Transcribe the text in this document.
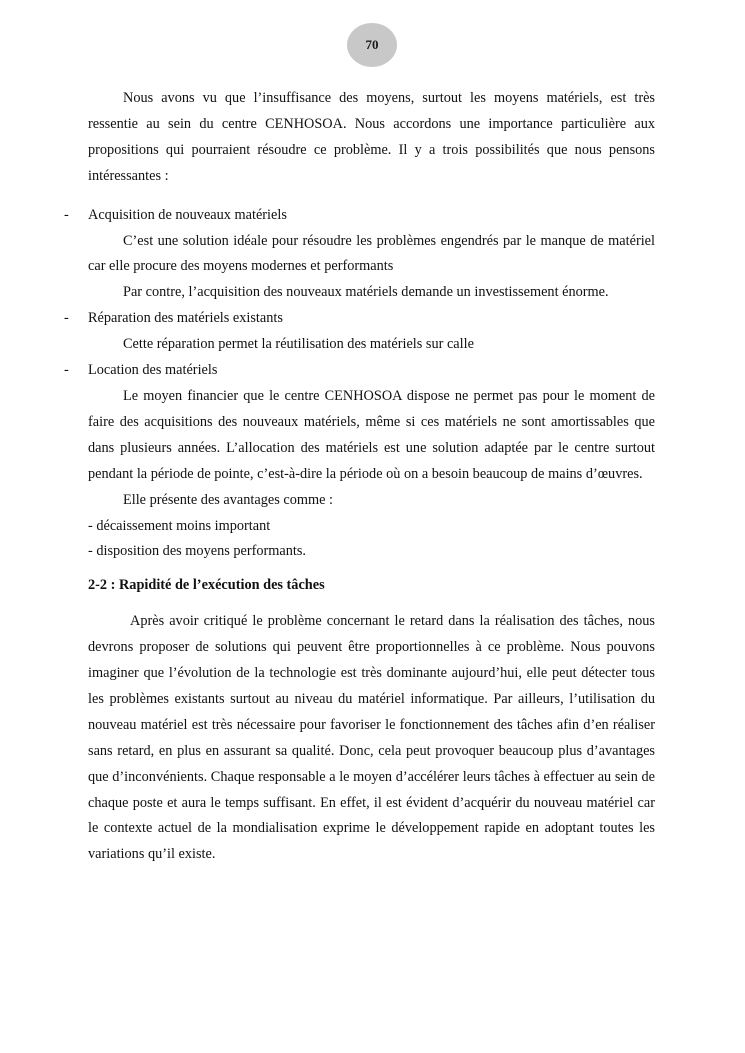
70

Nous avons vu que l’insuffisance des moyens, surtout les moyens matériels, est très ressentie au sein du centre CENHOSOA. Nous accordons une importance particulière aux propositions qui pourraient résoudre ce problème. Il y a trois possibilités que nous pensons intéressantes :

- Acquisition de nouveaux matériels

C’est une solution idéale pour résoudre les problèmes engendrés par le manque de matériel car elle procure des moyens modernes et performants

Par contre, l’acquisition des nouveaux matériels demande un investissement énorme.

- Réparation des matériels existants

Cette réparation permet la réutilisation des matériels sur calle

- Location des matériels

Le moyen financier que le centre CENHOSOA dispose ne permet pas pour le moment de faire des acquisitions des nouveaux matériels, même si ces matériels ne sont amortissables que dans plusieurs années. L’allocation des matériels est une solution adaptée par le centre surtout pendant la période de pointe, c’est-à-dire la période où on a besoin beaucoup de mains d’œuvres.

Elle présente des avantages comme :

- décaissement moins important

- disposition des moyens performants.

2-2 : Rapidité de l’exécution des tâches

Après avoir critiqué le problème concernant le retard dans la réalisation des tâches, nous devrons proposer de solutions qui peuvent être proportionnelles à ce problème. Nous pouvons imaginer que l’évolution de la technologie est très dominante aujourd’hui, elle peut détecter tous les problèmes existants surtout au niveau du matériel informatique. Par ailleurs, l’utilisation du nouveau matériel est très nécessaire pour favoriser le fonctionnement des tâches afin d’en réaliser sans retard, en plus en assurant sa qualité. Donc, cela peut provoquer beaucoup plus d’avantages que d’inconvénients. Chaque responsable a le moyen d’accélérer leurs tâches à effectuer au sein de chaque poste et aura le temps suffisant. En effet, il est évident d’acquérir du nouveau matériel car le contexte actuel de la mondialisation exprime le développement rapide en adoptant toutes les variations qu’il existe.
